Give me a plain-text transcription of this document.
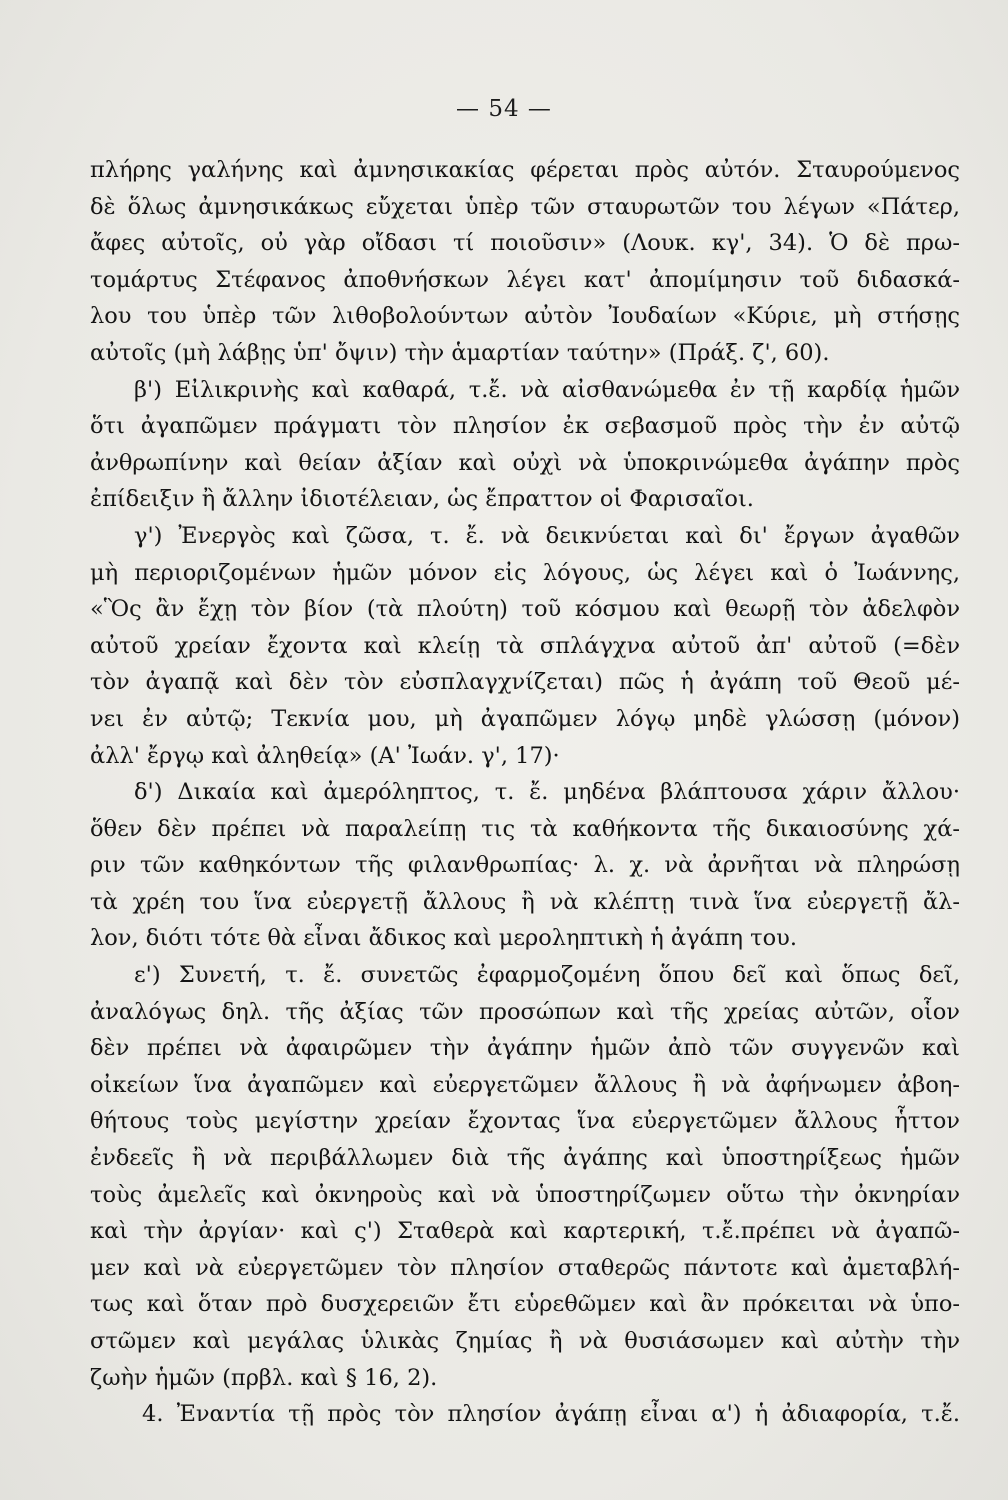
— 54 —
πλήρης γαλήνης καὶ ἀμνησικακίας φέρεται πρὸς αὐτόν. Σταυρούμενος
δὲ ὅλως ἀμνησικάκως εὔχεται ὑπὲρ τῶν σταυρωτῶν του λέγων «Πάτερ,
ἄφες αὐτοῖς, οὐ γὰρ οἴδασι τί ποιοῦσιν» (Λουκ. κγ', 34). Ὁ δὲ πρω-
τομάρτυς Στέφανος ἀποθνήσκων λέγει κατ' ἀπομίμησιν τοῦ διδασκά-
λου του ὑπὲρ τῶν λιθοβολούντων αὐτὸν Ἰουδαίων «Κύριε, μὴ στήσῃς
αὐτοῖς (μὴ λάβῃς ὑπ' ὄψιν) τὴν ἁμαρτίαν ταύτην» (Πράξ. ζ', 60).
β') Εἰλικρινὴς καὶ καθαρά, τ.ἔ. νὰ αἰσθανώμεθα ἐν τῇ καρδίᾳ ἡμῶν
ὅτι ἀγαπῶμεν πράγματι τὸν πλησίον ἐκ σεβασμοῦ πρὸς τὴν ἐν αὐτῷ
ἀνθρωπίνην καὶ θείαν ἀξίαν καὶ οὐχὶ νὰ ὑποκρινώμεθα ἀγάπην πρὸς
ἐπίδειξιν ἢ ἄλλην ἰδιοτέλειαν, ὡς ἔπραττον οἱ Φαρισαῖοι.
γ') Ἐνεργὸς καὶ ζῶσα, τ. ἔ. νὰ δεικνύεται καὶ δι' ἔργων ἀγαθῶν
μὴ περιοριζομένων ἡμῶν μόνον εἰς λόγους, ὡς λέγει καὶ ὁ Ἰωάννης,
«Ὃς ἂν ἔχῃ τὸν βίον (τὰ πλούτη) τοῦ κόσμου καὶ θεωρῇ τὸν ἀδελφὸν
αὐτοῦ χρείαν ἔχοντα καὶ κλείῃ τὰ σπλάγχνα αὐτοῦ ἀπ' αὐτοῦ (=δὲν
τὸν ἀγαπᾷ καὶ δὲν τὸν εὐσπλαγχνίζεται) πῶς ἡ ἀγάπη τοῦ Θεοῦ μέ-
νει ἐν αὐτῷ; Τεκνία μου, μὴ ἀγαπῶμεν λόγῳ μηδὲ γλώσσῃ (μόνον)
ἀλλ' ἔργῳ καὶ ἀληθείᾳ» (Α' Ἰωάν. γ', 17)·
δ') Δικαία καὶ ἀμερόληπτος, τ. ἔ. μηδένα βλάπτουσα χάριν ἄλλου·
ὅθεν δὲν πρέπει νὰ παραλείπῃ τις τὰ καθήκοντα τῆς δικαιοσύνης χά-
ριν τῶν καθηκόντων τῆς φιλανθρωπίας· λ. χ. νὰ ἀρνῆται νὰ πληρώσῃ
τὰ χρέη του ἵνα εὐεργετῇ ἄλλους ἢ νὰ κλέπτῃ τινὰ ἵνα εὐεργετῇ ἄλ-
λον, διότι τότε θὰ εἶναι ἄδικος καὶ μεροληπτικὴ ἡ ἀγάπη του.
ε') Συνετή, τ. ἔ. συνετῶς ἐφαρμοζομένη ὅπου δεῖ καὶ ὅπως δεῖ,
ἀναλόγως δηλ. τῆς ἀξίας τῶν προσώπων καὶ τῆς χρείας αὐτῶν, οἷον
δὲν πρέπει νὰ ἀφαιρῶμεν τὴν ἀγάπην ἡμῶν ἀπὸ τῶν συγγενῶν καὶ
οἰκείων ἵνα ἀγαπῶμεν καὶ εὐεργετῶμεν ἄλλους ἢ νὰ ἀφήνωμεν ἀβοη-
θήτους τοὺς μεγίστην χρείαν ἔχοντας ἵνα εὐεργετῶμεν ἄλλους ἧττον
ἐνδεεῖς ἢ νὰ περιβάλλωμεν διὰ τῆς ἀγάπης καὶ ὑποστηρίξεως ἡμῶν
τοὺς ἀμελεῖς καὶ ὀκνηροὺς καὶ νὰ ὑποστηρίζωμεν οὕτω τὴν ὀκνηρίαν
καὶ τὴν ἀργίαν· καὶ ς') Σταθερὰ καὶ καρτερική, τ.ἔ.πρέπει νὰ ἀγαπῶ-
μεν καὶ νὰ εὐεργετῶμεν τὸν πλησίον σταθερῶς πάντοτε καὶ ἀμεταβλή-
τως καὶ ὅταν πρὸ δυσχερειῶν ἔτι εὑρεθῶμεν καὶ ἂν πρόκειται νὰ ὑπο-
στῶμεν καὶ μεγάλας ὑλικὰς ζημίας ἢ νὰ θυσιάσωμεν καὶ αὐτὴν τὴν
ζωὴν ἡμῶν (πρβλ. καὶ § 16, 2).
4. Ἐναντία τῇ πρὸς τὸν πλησίον ἀγάπῃ εἶναι α') ἡ ἀδιαφορία, τ.ἔ.
